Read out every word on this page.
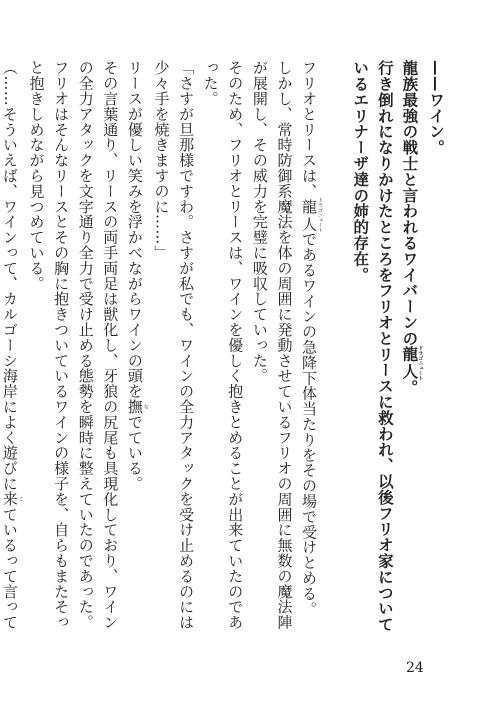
——ワイン。

龍族最強の戦士と言われるワイバーンの龍人 ドラゴニュート。

行き倒れになりかけたところをフリオとリースに救われ、以後フリオ家についているエリナーザ達の姉的存在。

フリオとリースは、龍人 ドラゴニュートであるワインの急降下体当たりをその場で受けとめる。

しかし、常時防御系魔法を体の周囲に発動させているフリオの周囲に無数の魔法陣が展開し、その威力を完璧に吸収していった。

そのため、フリオとリースは、ワインを優しく抱きとめることが出来ていたのであった。

「さすが旦那様ですわ。さすが私でも、ワインの全力アタックを受け止めるのには少々手を焼きますのに……」

リースが優しい笑みを浮かべながらワインの頭を撫 なでている。

その言葉通り、リースの両手両足は獣化し、牙狼の尻尾も具現化しており、ワインの全力アタックを文字通り全力で受け止める態勢を瞬時に整えていたのであった。

フリオはそんなリースとその胸に抱きついているワインの様子を、自らもまたそっと抱きしめながら見つめている。

（……そういえば、ワインって、カルゴーシ海岸によく遊びに来 こているって言って

24
